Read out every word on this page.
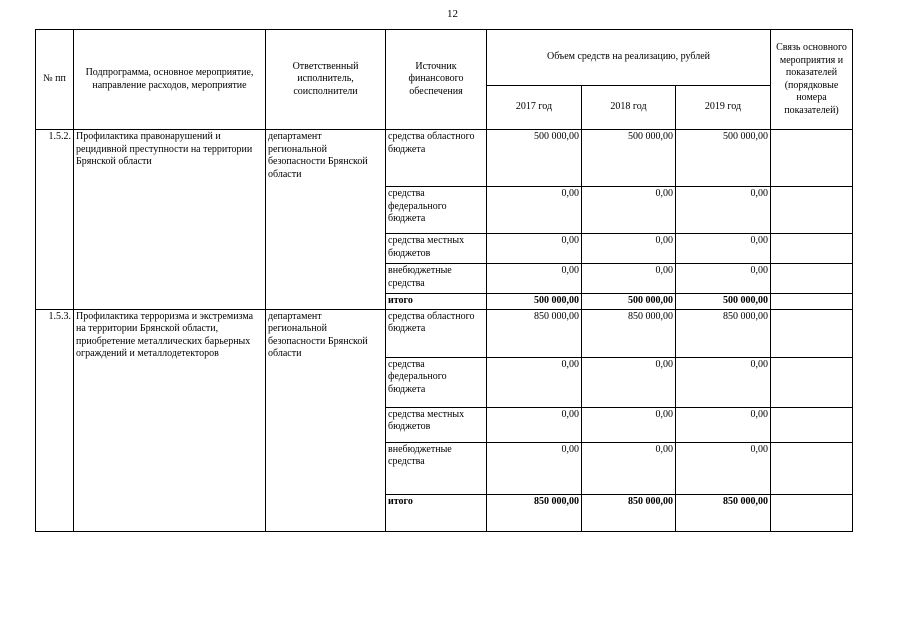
12
№ пп	Подпрограмма, основное мероприятие, направление расходов, мероприятие	Ответственный исполнитель, соисполнители	Источник финансового обеспечения	Объем средств на реализацию, рублей			Связь основного мероприятия и показателей (порядковые номера показателей)
				2017 год	2018 год	2019 год	
1.5.2.	Профилактика правонарушений и рецидивной преступности на территории Брянской области	департамент региональной безопасности Брянской области	средства областного бюджета	500 000,00	500 000,00	500 000,00	
			средства федерального бюджета	0,00	0,00	0,00	
			средства местных бюджетов	0,00	0,00	0,00	
			внебюджетные средства	0,00	0,00	0,00	
			итого	500 000,00	500 000,00	500 000,00	
1.5.3.	Профилактика терроризма и экстремизма на территории Брянской области, приобретение металлических барьерных ограждений и металлодетекторов	департамент региональной безопасности Брянской области	средства областного бюджета	850 000,00	850 000,00	850 000,00	
			средства федерального бюджета	0,00	0,00	0,00	
			средства местных бюджетов	0,00	0,00	0,00	
			внебюджетные средства	0,00	0,00	0,00	
			итого	850 000,00	850 000,00	850 000,00	
